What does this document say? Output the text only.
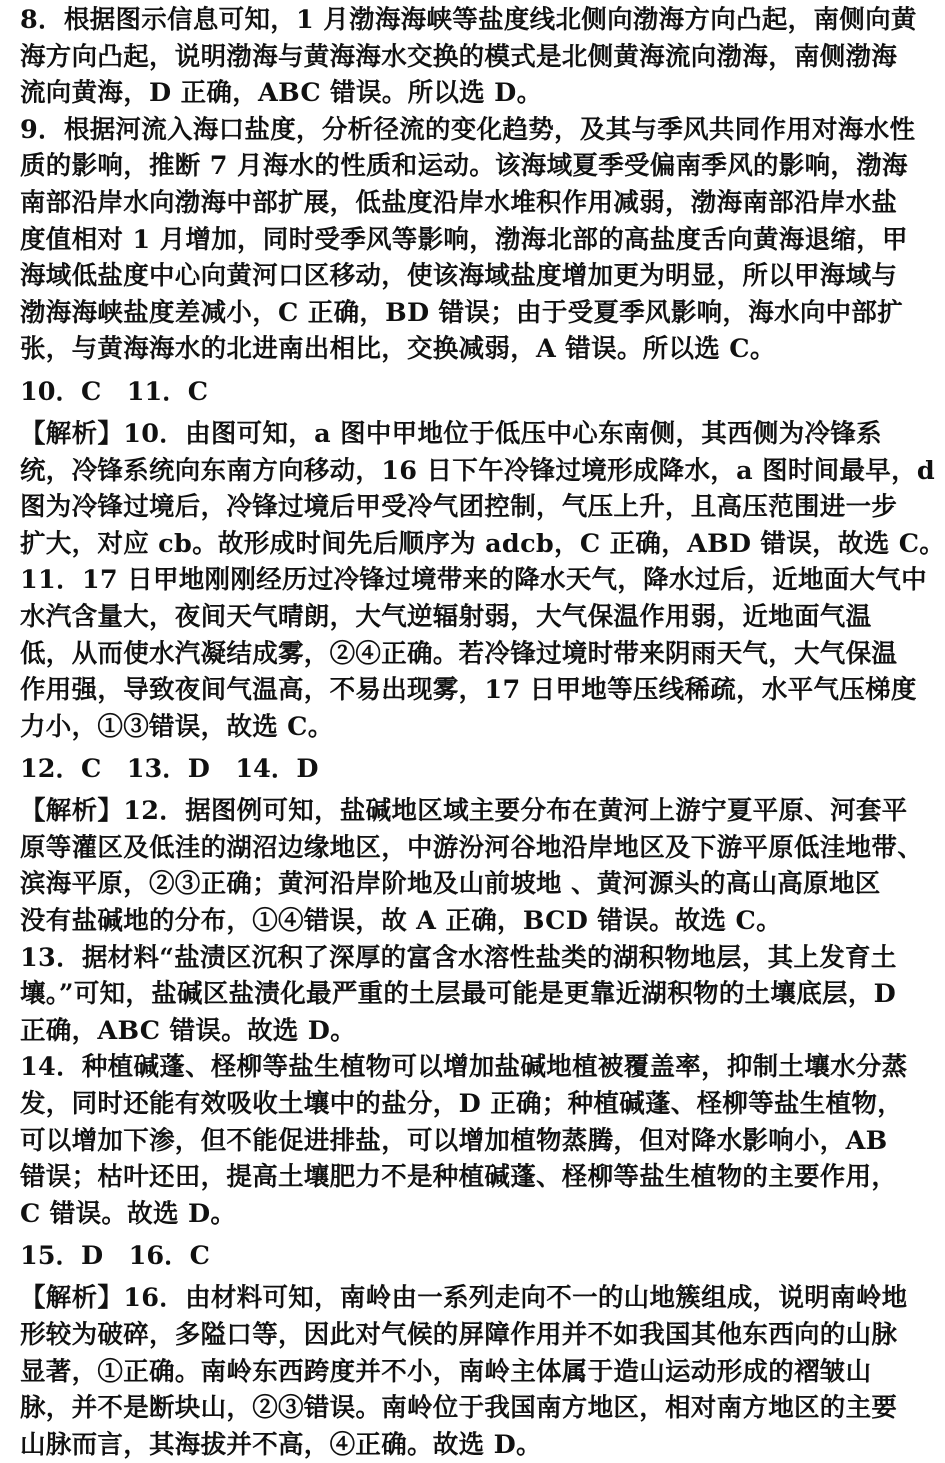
8．根据图示信息可知，1 月渤海海峡等盐度线北侧向渤海方向凸起，南侧向黄
海方向凸起，说明渤海与黄海海水交换的模式是北侧黄海流向渤海，南侧渤海
流向黄海，D 正确，ABC 错误。所以选 D。
9．根据河流入海口盐度，分析径流的变化趋势，及其与季风共同作用对海水性
质的影响，推断 7 月海水的性质和运动。该海域夏季受偏南季风的影响，渤海
南部沿岸水向渤海中部扩展，低盐度沿岸水堆积作用减弱，渤海南部沿岸水盐
度值相对 1 月增加，同时受季风等影响，渤海北部的高盐度舌向黄海退缩，甲
海域低盐度中心向黄河口区移动，使该海域盐度增加更为明显，所以甲海域与
渤海海峡盐度差减小，C 正确，BD 错误；由于受夏季风影响，海水向中部扩
张，与黄海海水的北进南出相比，交换减弱，A 错误。所以选 C。
10．C　11．C
【解析】10．由图可知，a 图中甲地位于低压中心东南侧，其西侧为冷锋系
统，冷锋系统向东南方向移动，16 日下午冷锋过境形成降水，a 图时间最早，d
图为冷锋过境后，冷锋过境后甲受冷气团控制，气压上升，且高压范围进一步
扩大，对应 cb。故形成时间先后顺序为 adcb，C 正确，ABD 错误，故选 C。
11．17 日甲地刚刚经历过冷锋过境带来的降水天气，降水过后，近地面大气中
水汽含量大，夜间天气晴朗，大气逆辐射弱，大气保温作用弱，近地面气温
低，从而使水汽凝结成雾，②④正确。若冷锋过境时带来阴雨天气，大气保温
作用强，导致夜间气温高，不易出现雾，17 日甲地等压线稀疏，水平气压梯度
力小，①③错误，故选 C。
12．C　13．D　14．D
【解析】12．据图例可知，盐碱地区域主要分布在黄河上游宁夏平原、河套平
原等灌区及低洼的湖沼边缘地区，中游汾河谷地沿岸地区及下游平原低洼地带、
滨海平原，②③正确；黄河沿岸阶地及山前坡地 、黄河源头的高山高原地区
没有盐碱地的分布，①④错误，故 A 正确，BCD 错误。故选 C。
13．据材料“盐渍区沉积了深厚的富含水溶性盐类的湖积物地层，其上发育土
壤。”可知，盐碱区盐渍化最严重的土层最可能是更靠近湖积物的土壤底层，D
正确，ABC 错误。故选 D。
14．种植碱蓬、柽柳等盐生植物可以增加盐碱地植被覆盖率，抑制土壤水分蒸
发，同时还能有效吸收土壤中的盐分，D 正确；种植碱蓬、柽柳等盐生植物，
可以增加下渗，但不能促进排盐，可以增加植物蒸腾，但对降水影响小，AB
错误；枯叶还田，提高土壤肥力不是种植碱蓬、柽柳等盐生植物的主要作用，
C 错误。故选 D。
15．D　16．C
【解析】16．由材料可知，南岭由一系列走向不一的山地簇组成，说明南岭地
形较为破碎，多隘口等，因此对气候的屏障作用并不如我国其他东西向的山脉
显著，①正确。南岭东西跨度并不小，南岭主体属于造山运动形成的褶皱山
脉，并不是断块山，②③错误。南岭位于我国南方地区，相对南方地区的主要
山脉而言，其海拔并不高，④正确。故选 D。
